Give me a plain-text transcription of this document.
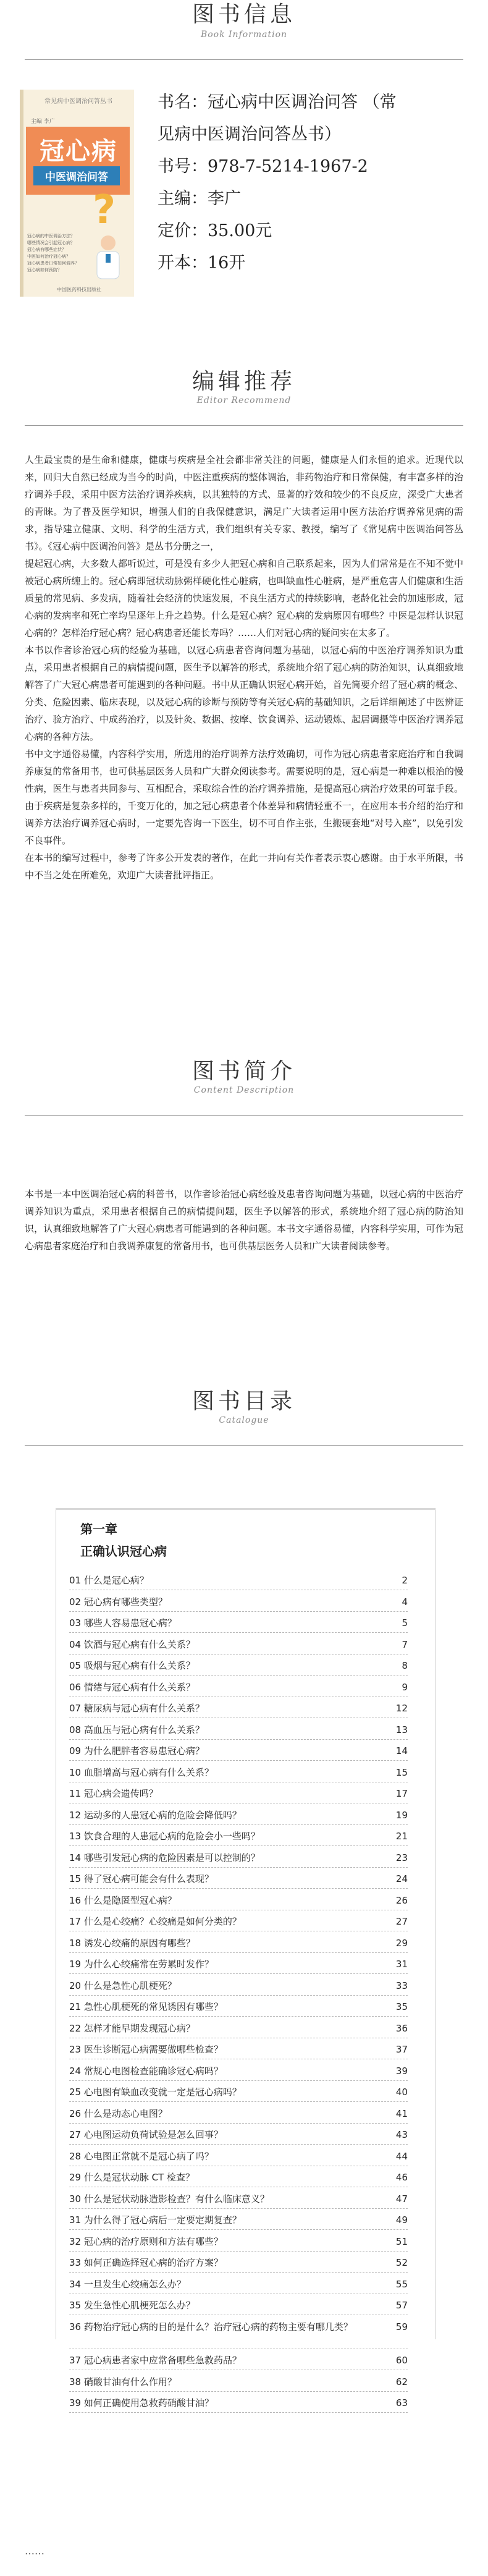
图书信息
Book Information
常见病中医调治问答丛书
主编 李广
冠心病
中医调治问答
?
冠心病的中医调治方法？
哪些情况会引起冠心病？
冠心病有哪些症状？
中医如何治疗冠心病？
冠心病患者日常如何调养？
冠心病如何预防？
中国医药科技出版社
书名：冠心病中医调治问答 （常
见病中医调治问答丛书）
书号：978-7-5214-1967-2
主编：李广
定价：35.00元
开本：16开
编辑推荐
Editor Recommend

人生最宝贵的是生命和健康，健康与疾病是全社会都非常关注的问题，健康是人们永恒的追求。近现代以来，回归大自然已经成为当今的时尚，中医注重疾病的整体调治，非药物治疗和日常保健，有丰富多样的治疗调养手段，采用中医方法治疗调养疾病，以其独特的方式、显著的疗效和较少的不良反应，深受广大患者的青睐。为了普及医学知识，增强人们的自我保健意识，满足广大读者运用中医方法治疗调养常见病的需求，指导建立健康、文明、科学的生活方式，我们组织有关专家、教授，编写了《常见病中医调治问答丛书》。《冠心病中医调治问答》是丛书分册之一，

提起冠心病，大多数人都听说过，可是没有多少人把冠心病和自己联系起来，因为人们常常是在不知不觉中被冠心病所缠上的。冠心病即冠状动脉粥样硬化性心脏病，也叫缺血性心脏病，是严重危害人们健康和生活质量的常见病、多发病，随着社会经济的快速发展，不良生活方式的持续影响，老龄化社会的加速形成，冠心病的发病率和死亡率均呈逐年上升之趋势。什么是冠心病？冠心病的发病原因有哪些？中医是怎样认识冠心病的？怎样治疗冠心病？冠心病患者还能长寿吗？……人们对冠心病的疑问实在太多了。

本书以作者诊治冠心病的经验为基础，以冠心病患者咨询问题为基础，以冠心病的中医治疗调养知识为重点，采用患者根据自己的病情提问题，医生予以解答的形式，系统地介绍了冠心病的防治知识，认真细致地解答了广大冠心病患者可能遇到的各种问题。书中从正确认识冠心病开始，首先简要介绍了冠心病的概念、分类、危险因素、临床表现，以及冠心病的诊断与预防等有关冠心病的基础知识，之后详细阐述了中医辨证治疗、验方治疗、中成药治疗，以及针灸、数据、按摩、饮食调养、运动锻炼、起居调摄等中医治疗调养冠心病的各种方法。

书中文字通俗易懂，内容科学实用，所选用的治疗调养方法疗效确切，可作为冠心病患者家庭治疗和自我调养康复的常备用书，也可供基层医务人员和广大群众阅读参考。需要说明的是，冠心病是一种难以根治的慢性病，医生与患者共同参与、互相配合，采取综合性的治疗调养措施，是提高冠心病治疗效果的可靠手段。由于疾病是复杂多样的，千变万化的，加之冠心病患者个体差异和病情轻重不一，在应用本书介绍的治疗和调养方法治疗调养冠心病时，一定要先咨询一下医生，切不可自作主张，生搬硬套地“对号入座”，以免引发不良事件。

在本书的编写过程中，参考了许多公开发表的著作，在此一并向有关作者表示衷心感谢。由于水平所限，书中不当之处在所难免，欢迎广大读者批评指正。

图书简介
Content Description

本书是一本中医调治冠心病的科普书，以作者诊治冠心病经验及患者咨询问题为基础，以冠心病的中医治疗调养知识为重点，采用患者根据自己的病情提问题，医生予以解答的形式，系统地介绍了冠心病的防治知识，认真细致地解答了广大冠心病患者可能遇到的各种问题。本书文字通俗易懂，内容科学实用，可作为冠心病患者家庭治疗和自我调养康复的常备用书，也可供基层医务人员和广大读者阅读参考。

图书目录
Catalogue
第一章
正确认识冠心病
01 什么是冠心病？	2
02 冠心病有哪些类型？	4
03 哪些人容易患冠心病？	5
04 饮酒与冠心病有什么关系？	7
05 吸烟与冠心病有什么关系？	8
06 情绪与冠心病有什么关系？	9
07 糖尿病与冠心病有什么关系？	12
08 高血压与冠心病有什么关系？	13
09 为什么肥胖者容易患冠心病？	14
10 血脂增高与冠心病有什么关系？	15
11 冠心病会遗传吗？	17
12 运动多的人患冠心病的危险会降低吗？	19
13 饮食合理的人患冠心病的危险会小一些吗？	21
14 哪些引发冠心病的危险因素是可以控制的？	23
15 得了冠心病可能会有什么表现？	24
16 什么是隐匿型冠心病？	26
17 什么是心绞痛？心绞痛是如何分类的？	27
18 诱发心绞痛的原因有哪些？	29
19 为什么心绞痛常在劳累时发作？	31
20 什么是急性心肌梗死？	33
21 急性心肌梗死的常见诱因有哪些？	35
22 怎样才能早期发现冠心病？	36
23 医生诊断冠心病需要做哪些检查？	37
24 常规心电图检查能确诊冠心病吗？	39
25 心电图有缺血改变就一定是冠心病吗？	40
26 什么是动态心电图？	41
27 心电图运动负荷试验是怎么回事？	43
28 心电图正常就不是冠心病了吗？	44
29 什么是冠状动脉 CT 检查？	46
30 什么是冠状动脉造影检查？有什么临床意义？	47
31 为什么得了冠心病后一定要定期复查？	49
32 冠心病的治疗原则和方法有哪些？	51
33 如何正确选择冠心病的治疗方案？	52
34 一旦发生心绞痛怎么办？	55
35 发生急性心肌梗死怎么办？	57
36 药物治疗冠心病的目的是什么？治疗冠心病的药物主要有哪几类？	59
37 冠心病患者家中应常备哪些急救药品？	60
38 硝酸甘油有什么作用？	62
39 如何正确使用急救药硝酸甘油？	63
……
